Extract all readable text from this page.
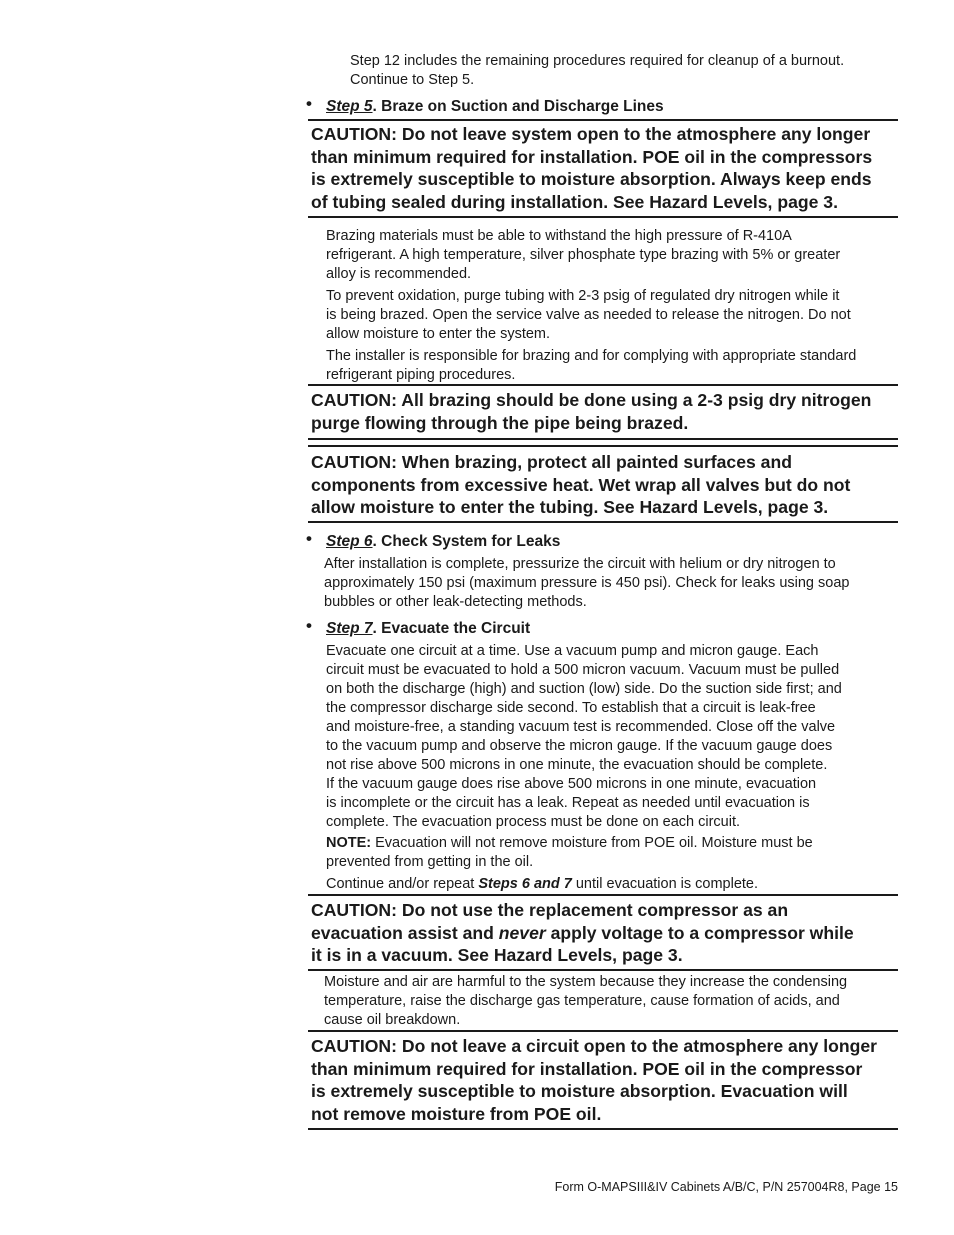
Step 12 includes the remaining procedures required for cleanup of a burnout.

Continue to Step 5.

• Step 5. Braze on Suction and Discharge Lines

CAUTION: Do not leave system open to the atmosphere any longer

than minimum required for installation. POE oil in the compressors

is extremely susceptible to moisture absorption. Always keep ends

of tubing sealed during installation. See Hazard Levels, page 3.

Brazing materials must be able to withstand the high pressure of R-410A

refrigerant. A high temperature, silver phosphate type brazing with 5% or greater

alloy is recommended.

To prevent oxidation, purge tubing with 2-3 psig of regulated dry nitrogen while it

is being brazed. Open the service valve as needed to release the nitrogen. Do not

allow moisture to enter the system.

The installer is responsible for brazing and for complying with appropriate standard

refrigerant piping procedures.

CAUTION: All brazing should be done using a 2-3 psig dry nitrogen

purge flowing through the pipe being brazed.

CAUTION: When brazing, protect all painted surfaces and

components from excessive heat. Wet wrap all valves but do not

allow moisture to enter the tubing. See Hazard Levels, page 3.

• Step 6. Check System for Leaks

After installation is complete, pressurize the circuit with helium or dry nitrogen to

approximately 150 psi (maximum pressure is 450 psi). Check for leaks using soap

bubbles or other leak-detecting methods.

• Step 7. Evacuate the Circuit

Evacuate one circuit at a time. Use a vacuum pump and micron gauge. Each

circuit must be evacuated to hold a 500 micron vacuum. Vacuum must be pulled

on both the discharge (high) and suction (low) side. Do the suction side first; and

the compressor discharge side second. To establish that a circuit is leak-free

and moisture-free, a standing vacuum test is recommended. Close off the valve

to the vacuum pump and observe the micron gauge. If the vacuum gauge does

not rise above 500 microns in one minute, the evacuation should be complete.

If the vacuum gauge does rise above 500 microns in one minute, evacuation

is incomplete or the circuit has a leak. Repeat as needed until evacuation is

complete. The evacuation process must be done on each circuit.

NOTE: Evacuation will not remove moisture from POE oil. Moisture must be

prevented from getting in the oil.

Continue and/or repeat Steps 6 and 7 until evacuation is complete.

CAUTION: Do not use the replacement compressor as an

evacuation assist and never apply voltage to a compressor while

it is in a vacuum. See Hazard Levels, page 3.

Moisture and air are harmful to the system because they increase the condensing

temperature, raise the discharge gas temperature, cause formation of acids, and

cause oil breakdown.

CAUTION: Do not leave a circuit open to the atmosphere any longer

than minimum required for installation. POE oil in the compressor

is extremely susceptible to moisture absorption. Evacuation will

not remove moisture from POE oil.

Form O-MAPSIII&IV Cabinets A/B/C, P/N 257004R8, Page 15
